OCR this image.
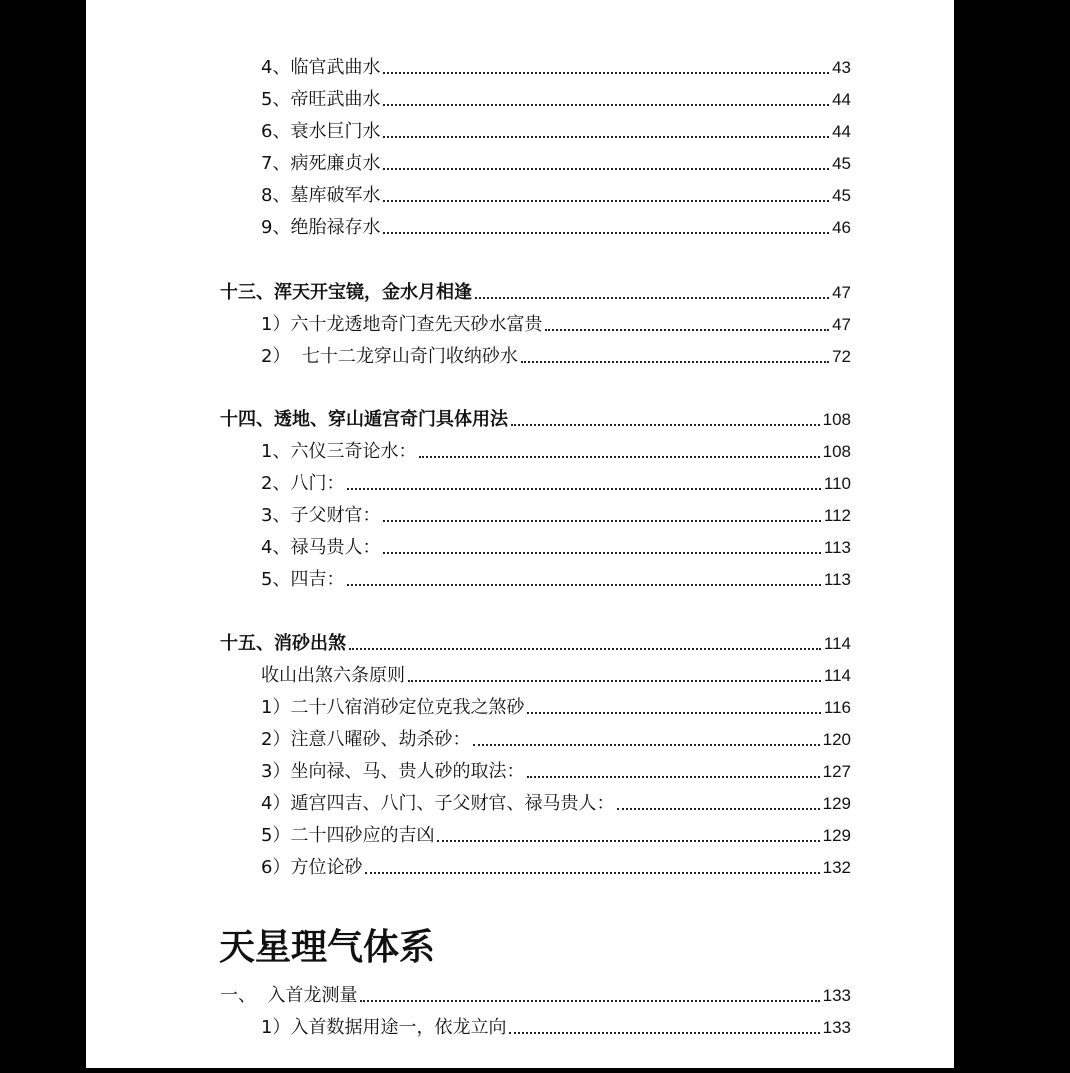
4、临官武曲水	43
5、帝旺武曲水	44
6、衰水巨门水	44
7、病死廉贞水	45
8、墓库破军水	45
9、绝胎禄存水	46
十三、浑天开宝镜，金水月相逢	47
1）六十龙透地奇门查先天砂水富贵	47
2）  七十二龙穿山奇门收纳砂水	72
十四、透地、穿山遁宫奇门具体用法	108
1、六仪三奇论水：	108
2、八门：	110
3、子父财官：	112
4、禄马贵人：	113
5、四吉：	113
十五、消砂出煞	114
收山出煞六条原则	114
1）二十八宿消砂定位克我之煞砂	116
2）注意八曜砂、劫杀砂：	120
3）坐向禄、马、贵人砂的取法：	127
4）遁宫四吉、八门、子父财官、禄马贵人：	129
5）二十四砂应的吉凶	129
6）方位论砂	132
天星理气体系
一、  入首龙测量	133
1）入首数据用途一，依龙立向	133
